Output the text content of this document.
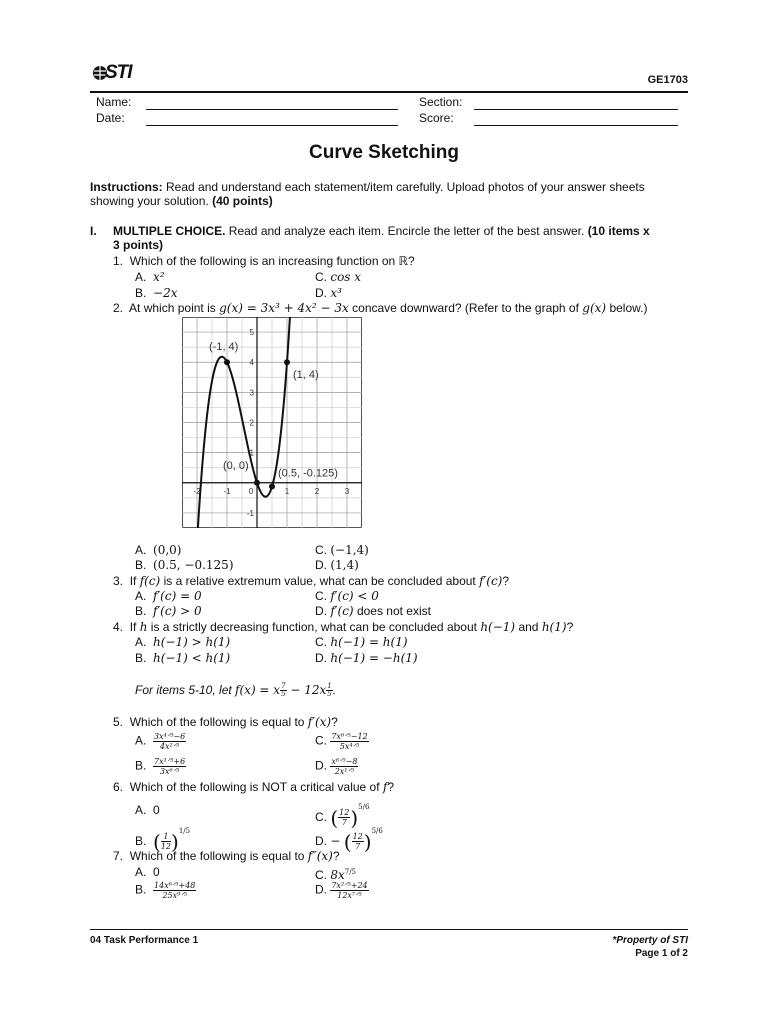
STI	GE1703
Name:
Date:
Section:
Score:
Curve Sketching
Instructions: Read and understand each statement/item carefully. Upload photos of your answer sheets
showing your solution. (40 points)
I. MULTIPLE CHOICE. Read and analyze each item. Encircle the letter of the best answer. (10 items x
3 points)
1. Which of the following is an increasing function on ℝ?
A. x²
B. −2x
C. cos x
D. x³
2. At which point is g(x) = 3x³ + 4x² − 3x concave downward? (Refer to the graph of g(x) below.)
-2	-1 0	1	2	3
-1
1
2
3
4
5
(-1, 4)
(1, 4)
(0, 0)
(0.5, -0.125)
A. (0,0)
B. (0.5, −0.125)
C. (−1,4)
D. (1,4)
3. If f(c) is a relative extremum value, what can be concluded about f′(c)?
A. f′(c) = 0
B. f′(c) > 0
C. f′(c) < 0
D. f′(c) does not exist
4. If h is a strictly decreasing function, what can be concluded about h(−1) and h(1)?
A. h(−1) > h(1)
B. h(−1) < h(1)
C. h(−1) = h(1)
D. h(−1) = −h(1)
For items 5-10, let f(x) = x $\frac{7}{5} - 12x \frac{1}{5}$ .
5. Which of the following is equal to f′(x)?
A. $\frac{\text{3x⁴ᐟ⁵−6}}{\text{4x²ᐟ⁵}}$
B. $\frac{\text{7x¹ᐟ⁵+6}}{\text{3x⁶ᐟ⁵}}$
C. $\frac{\text{7x⁶ᐟ⁵−12}}{\text{5x⁴ᐟ⁵}}$
D. $\frac{\text{x⁶ᐟ⁵−8}}{\text{2x¹ᐟ⁵}}$
6. Which of the following is NOT a critical value of f?
A. 0
B. ( $\frac{1}{12} )^{1/5}$
C. ( $\frac{12}{7} )^{5/6}$
D. − ( $\frac{12}{7} )^{5/6}$
7. Which of the following is equal to f″(x)?
A. 0
B. $\frac{\text{14x⁶ᐟ⁵+48}}{\text{25x⁹ᐟ⁵}}$
C. $8x^{7/5}$
D. $\frac{\text{7x²ᐟ⁵+24}}{\text{12x⁷ᐟ⁵}}$
04 Task Performance 1	*Property of STI
Page 1 of 2
